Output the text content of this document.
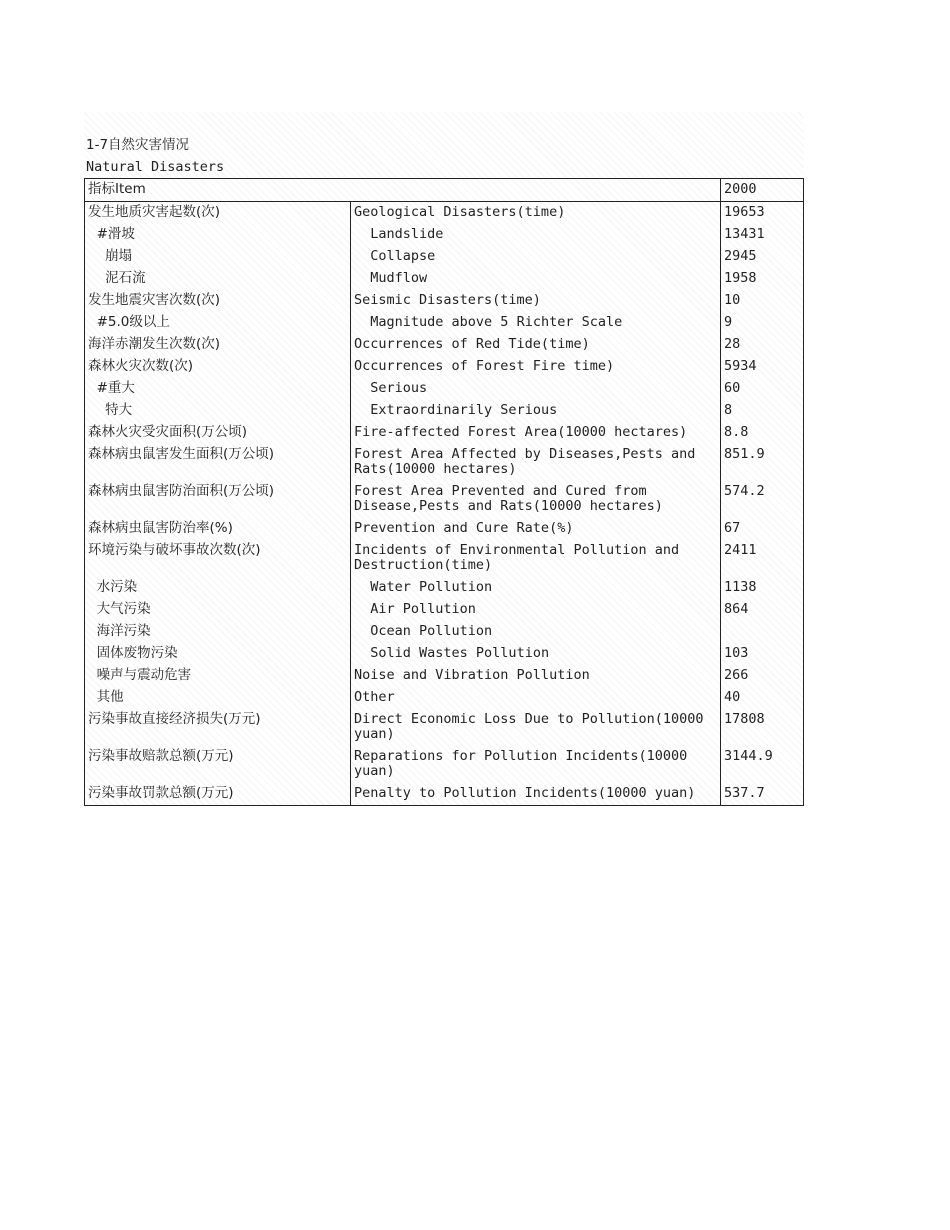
1-7自然灾害情况
Natural Disasters
指标Item		2000
发生地质灾害起数(次)	Geological Disasters(time)	19653
#滑坡	Landslide	13431
崩塌	Collapse	2945
泥石流	Mudflow	1958
发生地震灾害次数(次)	Seismic Disasters(time)	10
#5.0级以上	Magnitude above 5 Richter Scale	9
海洋赤潮发生次数(次)	Occurrences of Red Tide(time)	28
森林火灾次数(次)	Occurrences of Forest Fire time)	5934
#重大	Serious	60
特大	Extraordinarily Serious	8
森林火灾受灾面积(万公顷)	Fire-affected Forest Area(10000 hectares)	8.8
森林病虫鼠害发生面积(万公顷)	Forest Area Affected by Diseases,Pests and Rats(10000 hectares)	851.9
森林病虫鼠害防治面积(万公顷)	Forest Area Prevented and Cured from Disease,Pests and Rats(10000 hectares)	574.2
森林病虫鼠害防治率(%)	Prevention and Cure Rate(%)	67
环境污染与破坏事故次数(次)	Incidents of Environmental Pollution and Destruction(time)	2411
水污染	Water Pollution	1138
大气污染	Air Pollution	864
海洋污染	Ocean Pollution	
固体废物污染	Solid Wastes Pollution	103
噪声与震动危害	Noise and Vibration Pollution	266
其他	Other	40
污染事故直接经济损失(万元)	Direct Economic Loss Due to Pollution(10000 yuan)	17808
污染事故赔款总额(万元)	Reparations for Pollution Incidents(10000 yuan)	3144.9
污染事故罚款总额(万元)	Penalty to Pollution Incidents(10000 yuan)	537.7
